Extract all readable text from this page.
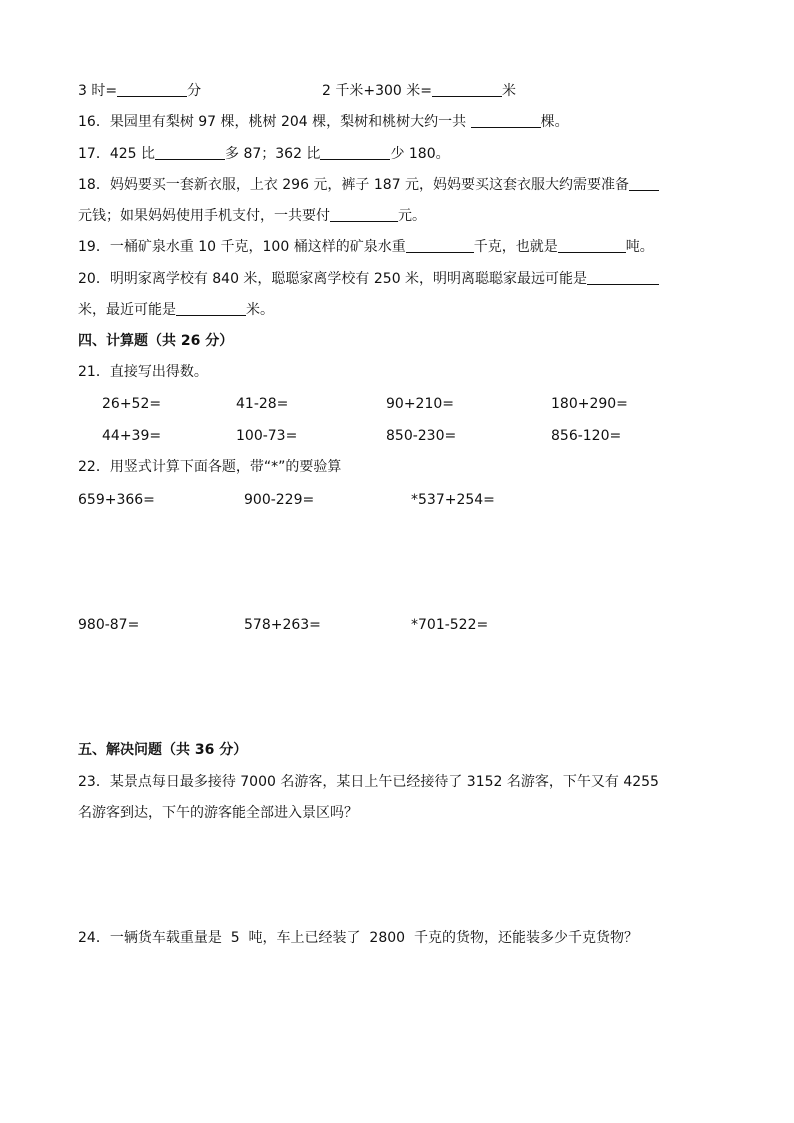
3 时=	分	2 千米+300 米=	米
16．果园里有梨树 97 棵，桃树 204 棵，梨树和桃树大约一共	棵。
17．425 比	多 87；362 比	少 180。
18．妈妈要买一套新衣服，上衣 296 元，裤子 187 元，妈妈要买这套衣服大约需要准备
元钱；如果妈妈使用手机支付，一共要付	元。
19．一桶矿泉水重 10 千克，100 桶这样的矿泉水重	千克，也就是	吨。
20．明明家离学校有 840 米，聪聪家离学校有 250 米，明明离聪聪家最远可能是
米，最近可能是	米。
四、计算题（共 26 分）
21．直接写出得数。
26+52=	41-28=	90+210=	180+290=
44+39=	100-73=	850-230=	856-120=
22．用竖式计算下面各题，带“*”的要验算
659+366=	900-229=	*537+254=
980-87=	578+263=	*701-522=
五、解决问题（共 36 分）
23．某景点每日最多接待 7000 名游客，某日上午已经接待了 3152 名游客，下午又有 4255
名游客到达，下午的游客能全部进入景区吗？
24．一辆货车载重量是  5  吨，车上已经装了  2800  千克的货物，还能装多少千克货物？
